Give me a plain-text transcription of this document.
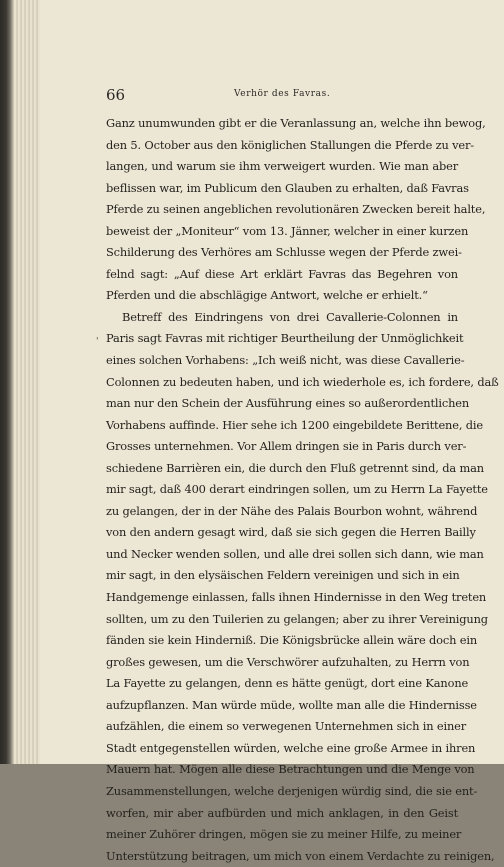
66	Verhör des Favras.
'
Ganz unumwunden gibt er die Veranlassung an, welche ihn bewog,
den 5. October aus den königlichen Stallungen die Pferde zu ver-
langen, und warum sie ihm verweigert wurden. Wie man aber
beflissen war, im Publicum den Glauben zu erhalten, daß Favras
Pferde zu seinen angeblichen revolutionären Zwecken bereit halte,
beweist der „Moniteur“ vom 13. Jänner, welcher in einer kurzen
Schilderung des Verhöres am Schlusse wegen der Pferde zwei-
felnd sagt: „Auf diese Art erklärt Favras das Begehren von
Pferden und die abschlägige Antwort, welche er erhielt.“
Betreff des Eindringens von drei Cavallerie-Colonnen in
Paris sagt Favras mit richtiger Beurtheilung der Unmöglichkeit
eines solchen Vorhabens: „Ich weiß nicht, was diese Cavallerie-
Colonnen zu bedeuten haben, und ich wiederhole es, ich fordere, daß
man nur den Schein der Ausführung eines so außerordentlichen
Vorhabens auffinde. Hier sehe ich 1200 eingebildete Berittene, die
Grosses unternehmen. Vor Allem dringen sie in Paris durch ver-
schiedene Barrièren ein, die durch den Fluß getrennt sind, da man
mir sagt, daß 400 derart eindringen sollen, um zu Herrn La Fayette
zu gelangen, der in der Nähe des Palais Bourbon wohnt, während
von den andern gesagt wird, daß sie sich gegen die Herren Bailly
und Necker wenden sollen, und alle drei sollen sich dann, wie man
mir sagt, in den elysäischen Feldern vereinigen und sich in ein
Handgemenge einlassen, falls ihnen Hindernisse in den Weg treten
sollten, um zu den Tuilerien zu gelangen; aber zu ihrer Vereinigung
fänden sie kein Hinderniß. Die Königsbrücke allein wäre doch ein
großes gewesen, um die Verschwörer aufzuhalten, zu Herrn von
La Fayette zu gelangen, denn es hätte genügt, dort eine Kanone
aufzupflanzen. Man würde müde, wollte man alle die Hindernisse
aufzählen, die einem so verwegenen Unternehmen sich in einer
Stadt entgegenstellen würden, welche eine große Armee in ihren
Mauern hat. Mögen alle diese Betrachtungen und die Menge von
Zusammenstellungen, welche derjenigen würdig sind, die sie ent-
worfen, mir aber aufbürden und mich anklagen, in den Geist
meiner Zuhörer dringen, mögen sie zu meiner Hilfe, zu meiner
Unterstützung beitragen, um mich von einem Verdachte zu reinigen,
